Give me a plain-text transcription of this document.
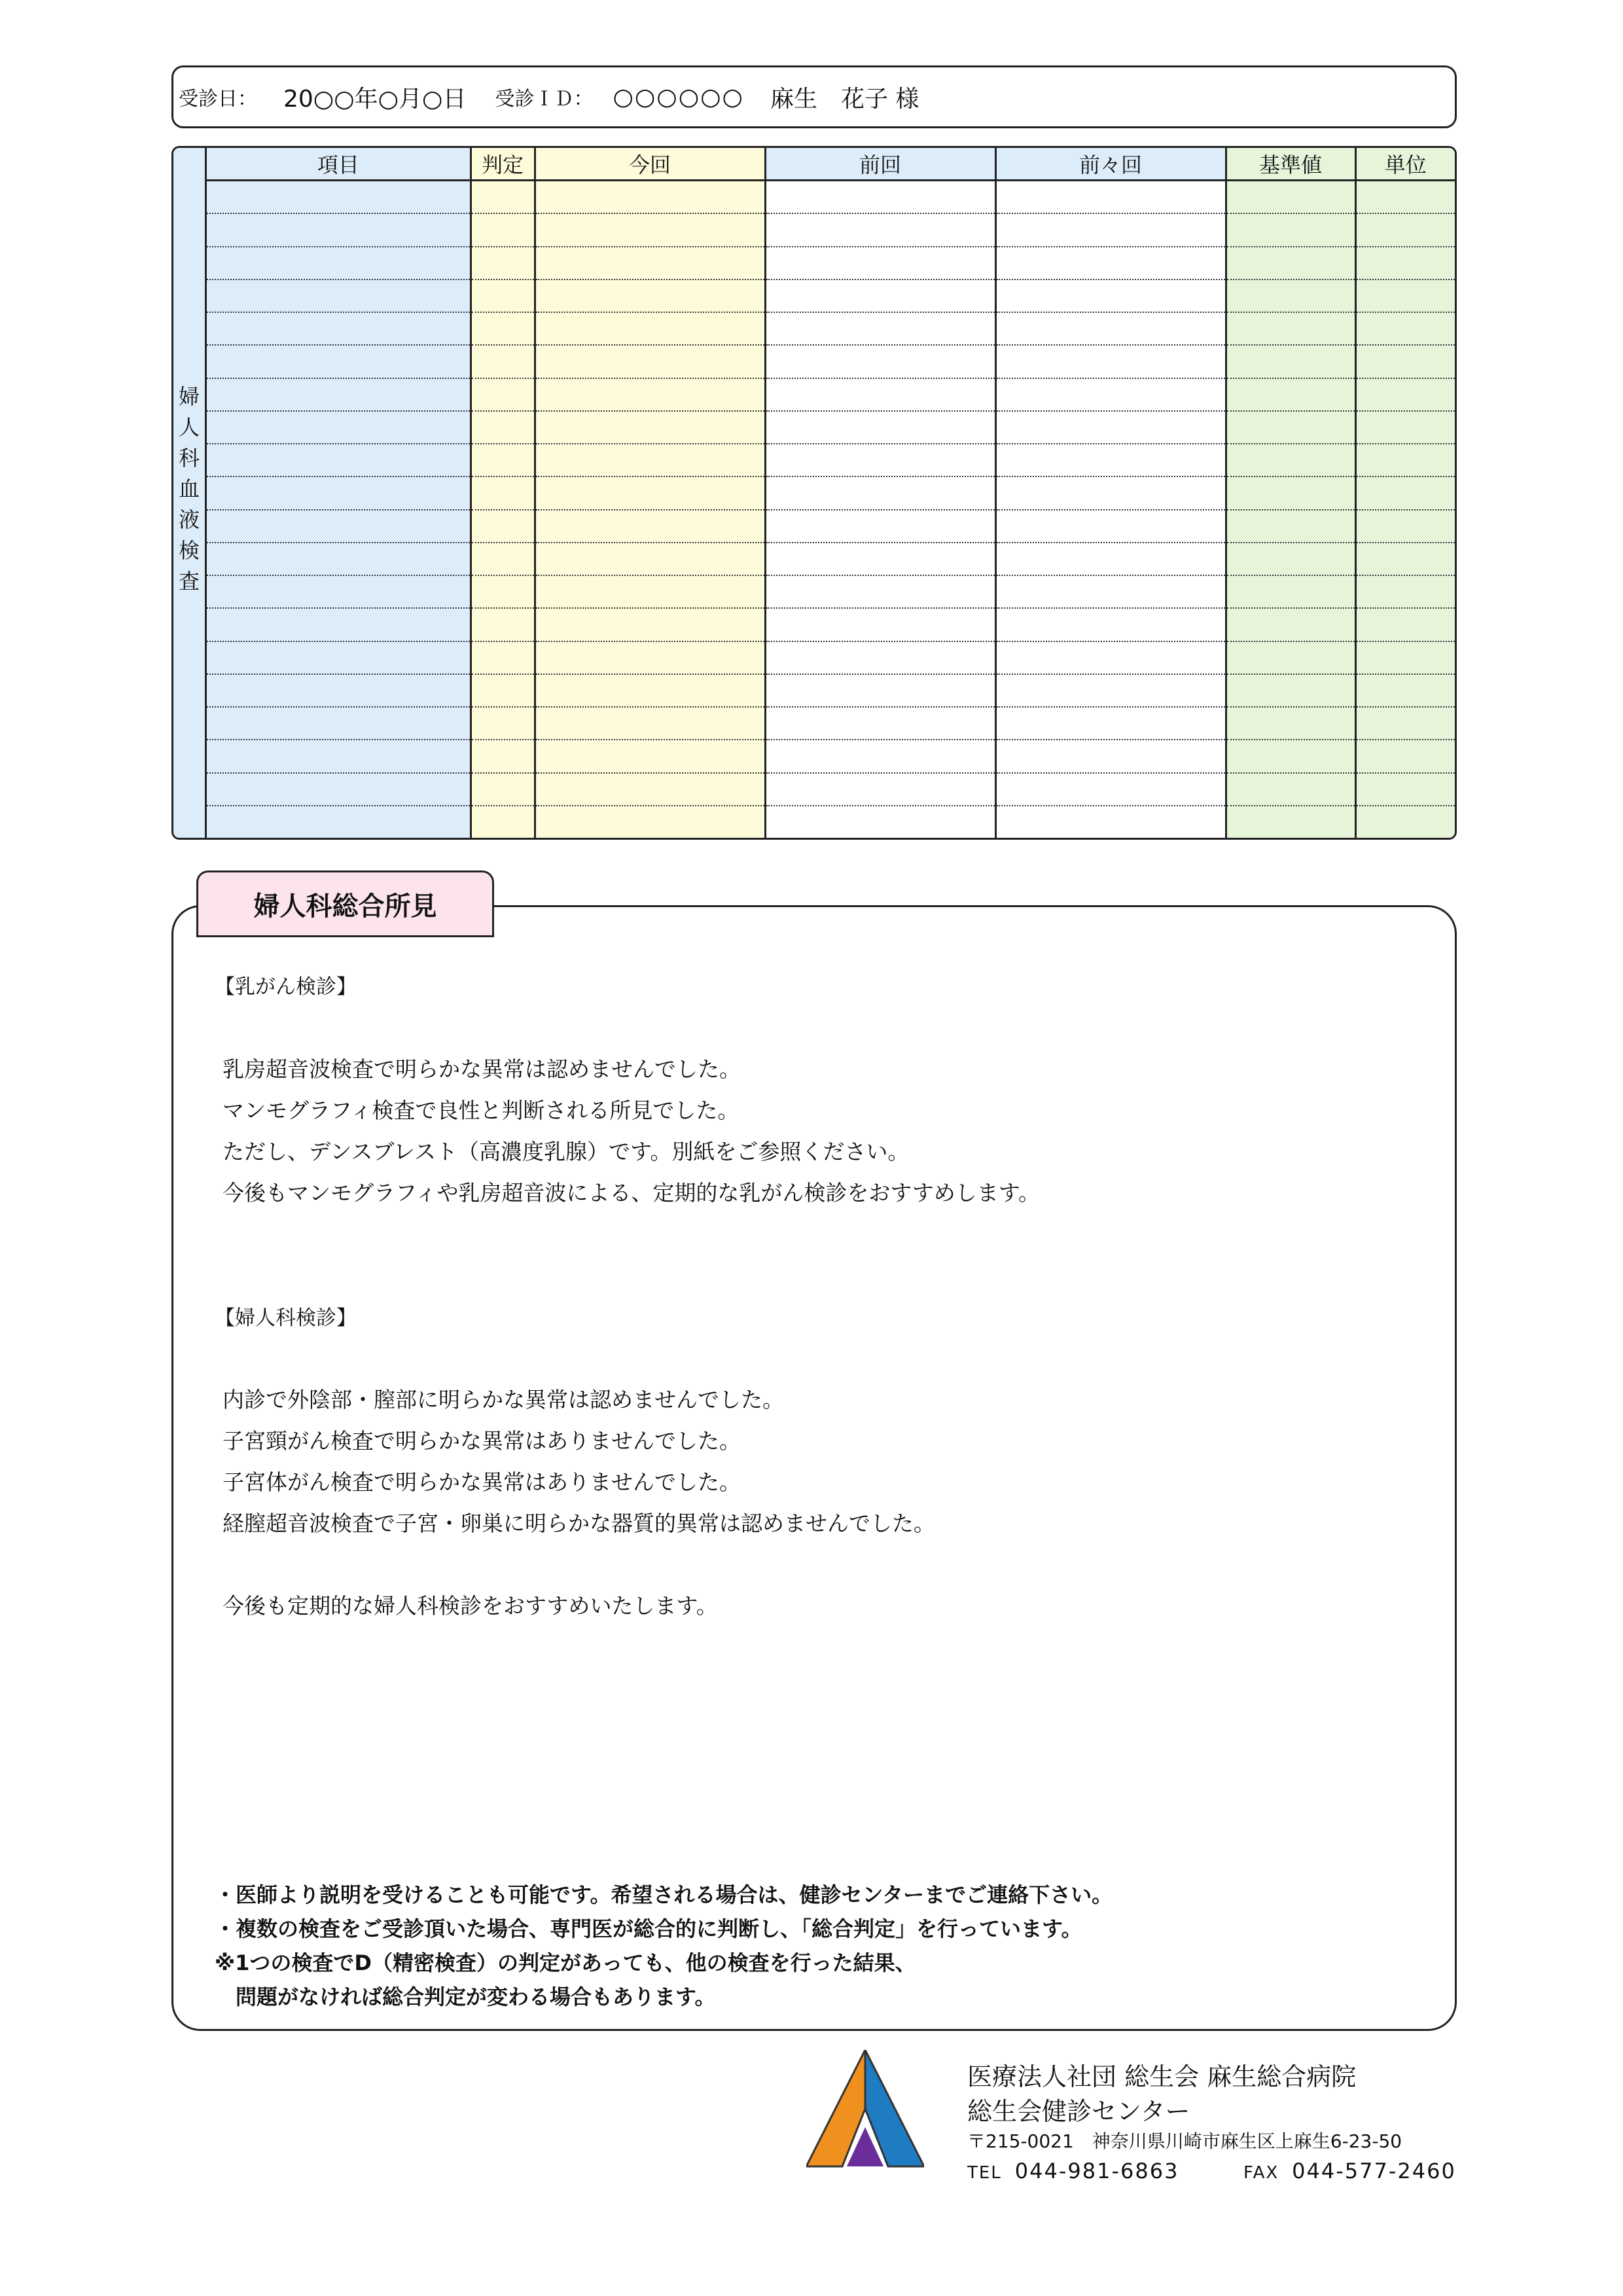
受診日： 20○○年○月○日 受診ＩＤ： ○○○○○○ 麻生　花子 様
婦
人
科
血
液
検
査
項目	判定	今回	前回	前々回	基準値	単位

婦人科総合所見
【乳がん検診】
乳房超音波検査で明らかな異常は認めませんでした。
マンモグラフィ検査で良性と判断される所見でした。
ただし、デンスブレスト（高濃度乳腺）です。別紙をご参照ください。
今後もマンモグラフィや乳房超音波による、定期的な乳がん検診をおすすめします。
【婦人科検診】
内診で外陰部・膣部に明らかな異常は認めませんでした。
子宮頸がん検査で明らかな異常はありませんでした。
子宮体がん検査で明らかな異常はありませんでした。
経膣超音波検査で子宮・卵巣に明らかな器質的異常は認めませんでした。
今後も定期的な婦人科検診をおすすめいたします。
・医師より説明を受けることも可能です。希望される場合は、健診センターまでご連絡下さい。
・複数の検査をご受診頂いた場合、専門医が総合的に判断し、「総合判定」を行っています。
※1つの検査でD（精密検査）の判定があっても、他の検査を行った結果、
　問題がなければ総合判定が変わる場合もあります。
医療法人社団 総生会 麻生総合病院
総生会健診センター
〒215-0021　神奈川県川崎市麻生区上麻生6-23-50
TEL 044-981-6863	FAX 044-577-2460
